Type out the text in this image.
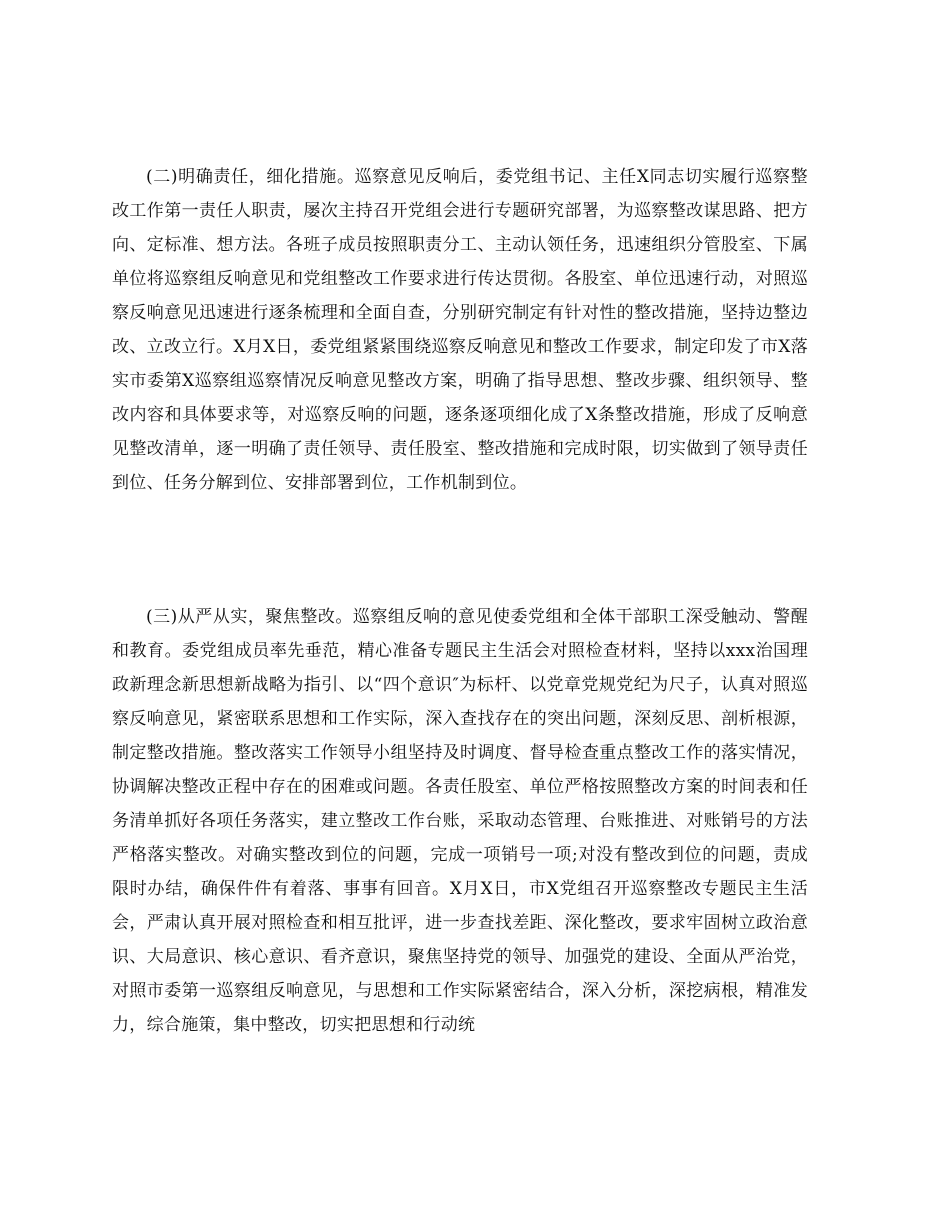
(二)明确责任，细化措施。巡察意见反响后，委党组书记、主任X同志切实履行巡察整改工作第一责任人职责，屡次主持召开党组会进行专题研究部署，为巡察整改谋思路、把方向、定标准、想方法。各班子成员按照职责分工、主动认领任务，迅速组织分管股室、下属单位将巡察组反响意见和党组整改工作要求进行传达贯彻。各股室、单位迅速行动，对照巡察反响意见迅速进行逐条梳理和全面自查，分别研究制定有针对性的整改措施，坚持边整边改、立改立行。X月X日，委党组紧紧围绕巡察反响意见和整改工作要求，制定印发了市X落实市委第X巡察组巡察情况反响意见整改方案，明确了指导思想、整改步骤、组织领导、整改内容和具体要求等，对巡察反响的问题，逐条逐项细化成了X条整改措施，形成了反响意见整改清单，逐一明确了责任领导、责任股室、整改措施和完成时限，切实做到了领导责任到位、任务分解到位、安排部署到位，工作机制到位。

(三)从严从实，聚焦整改。巡察组反响的意见使委党组和全体干部职工深受触动、警醒和教育。委党组成员率先垂范，精心准备专题民主生活会对照检查材料，坚持以xxx治国理政新理念新思想新战略为指引、以“四个意识″为标杆、以党章党规党纪为尺子，认真对照巡察反响意见，紧密联系思想和工作实际，深入查找存在的突出问题，深刻反思、剖析根源，制定整改措施。整改落实工作领导小组坚持及时调度、督导检查重点整改工作的落实情况，协调解决整改正程中存在的困难或问题。各责任股室、单位严格按照整改方案的时间表和任务清单抓好各项任务落实，建立整改工作台账，采取动态管理、台账推进、对账销号的方法严格落实整改。对确实整改到位的问题，完成一项销号一项;对没有整改到位的问题，责成限时办结，确保件件有着落、事事有回音。X月X日，市X党组召开巡察整改专题民主生活会，严肃认真开展对照检查和相互批评，进一步查找差距、深化整改，要求牢固树立政治意识、大局意识、核心意识、看齐意识，聚焦坚持党的领导、加强党的建设、全面从严治党，对照市委第一巡察组反响意见，与思想和工作实际紧密结合，深入分析，深挖病根，精准发力，综合施策，集中整改，切实把思想和行动统
